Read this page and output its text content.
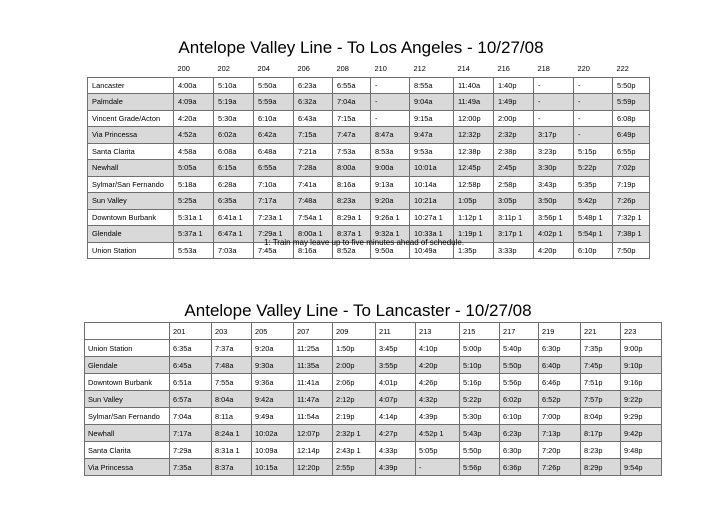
Antelope Valley Line - To Los Angeles - 10/27/08
	200	202	204	206	208	210	212	214	216	218	220	222
Lancaster	4:00a	5:10a	5:50a	6:23a	6:55a	-	8:55a	11:40a	1:40p	-	-	5:50p
Palmdale	4:09a	5:19a	5:59a	6:32a	7:04a	-	9:04a	11:49a	1:49p	-	-	5:59p
Vincent Grade/Acton	4:20a	5:30a	6:10a	6:43a	7:15a	-	9:15a	12:00p	2:00p	-	-	6:08p
Via Princessa	4:52a	6:02a	6:42a	7:15a	7:47a	8:47a	9:47a	12:32p	2:32p	3:17p	-	6:49p
Santa Clarita	4:58a	6:08a	6:48a	7:21a	7:53a	8:53a	9:53a	12:38p	2:38p	3:23p	5:15p	6:55p
Newhall	5:05a	6:15a	6:55a	7:28a	8:00a	9:00a	10:01a	12:45p	2:45p	3:30p	5:22p	7:02p
Sylmar/San Fernando	5:18a	6:28a	7:10a	7:41a	8:16a	9:13a	10:14a	12:58p	2:58p	3:43p	5:35p	7:19p
Sun Valley	5:25a	6:35a	7:17a	7:48a	8:23a	9:20a	10:21a	1:05p	3:05p	3:50p	5:42p	7:26p
Downtown Burbank	5:31a 1	6:41a 1	7:23a 1	7:54a 1	8:29a 1	9:26a 1	10:27a 1	1:12p 1	3:11p 1	3:56p 1	5:48p 1	7:32p 1
Glendale	5:37a 1	6:47a 1	7:29a 1	8:00a 1	8:37a 1	9:32a 1	10:33a 1	1:19p 1	3:17p 1	4:02p 1	5:54p 1	7:38p 1
Union Station	5:53a	7:03a	7:45a	8:16a	8:52a	9:50a	10:49a	1:35p	3:33p	4:20p	6:10p	7:50p
1: Train may leave up to five minutes ahead of schedule.
Antelope Valley Line - To Lancaster - 10/27/08
	201	203	205	207	209	211	213	215	217	219	221	223
Union Station	6:35a	7:37a	9:20a	11:25a	1:50p	3:45p	4:10p	5:00p	5:40p	6:30p	7:35p	9:00p
Glendale	6:45a	7:48a	9:30a	11:35a	2:00p	3:55p	4:20p	5:10p	5:50p	6:40p	7:45p	9:10p
Downtown Burbank	6:51a	7:55a	9:36a	11:41a	2:06p	4:01p	4:26p	5:16p	5:56p	6:46p	7:51p	9:16p
Sun Valley	6:57a	8:04a	9:42a	11:47a	2:12p	4:07p	4:32p	5:22p	6:02p	6:52p	7:57p	9:22p
Sylmar/San Fernando	7:04a	8:11a	9:49a	11:54a	2:19p	4:14p	4:39p	5:30p	6:10p	7:00p	8:04p	9:29p
Newhall	7:17a	8:24a 1	10:02a	12:07p	2:32p 1	4:27p	4:52p 1	5:43p	6:23p	7:13p	8:17p	9:42p
Santa Clarita	7:29a	8:31a 1	10:09a	12:14p	2:43p 1	4:33p	5:05p	5:50p	6:30p	7:20p	8:23p	9:48p
Via Princessa	7:35a	8:37a	10:15a	12:20p	2:55p	4:39p	-	5:56p	6:36p	7:26p	8:29p	9:54p
